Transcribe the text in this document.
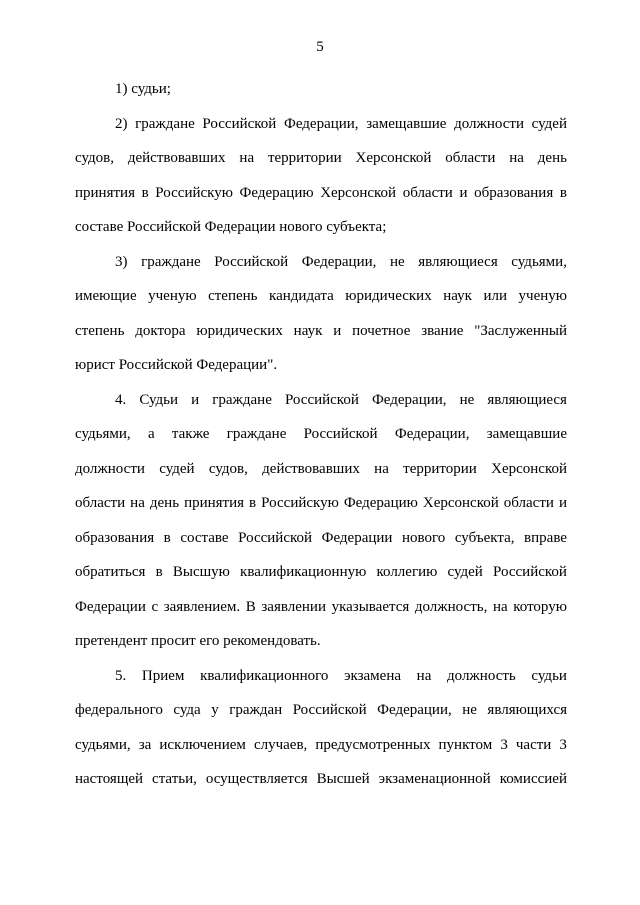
5
1) судьи;
2) граждане Российской Федерации, замещавшие должности судей
судов, действовавших на территории Херсонской области на день
принятия в Российскую Федерацию Херсонской области и образования в
составе Российской Федерации нового субъекта;
3) граждане Российской Федерации, не являющиеся судьями,
имеющие ученую степень кандидата юридических наук или ученую
степень доктора юридических наук и почетное звание "Заслуженный
юрист Российской Федерации".
4. Судьи и граждане Российской Федерации, не являющиеся
судьями, а также граждане Российской Федерации, замещавшие
должности судей судов, действовавших на территории Херсонской
области на день принятия в Российскую Федерацию Херсонской области и
образования в составе Российской Федерации нового субъекта, вправе
обратиться в Высшую квалификационную коллегию судей Российской
Федерации с заявлением. В заявлении указывается должность, на которую
претендент просит его рекомендовать.
5. Прием квалификационного экзамена на должность судьи
федерального суда у граждан Российской Федерации, не являющихся
судьями, за исключением случаев, предусмотренных пунктом 3 части 3
настоящей статьи, осуществляется Высшей экзаменационной комиссией
